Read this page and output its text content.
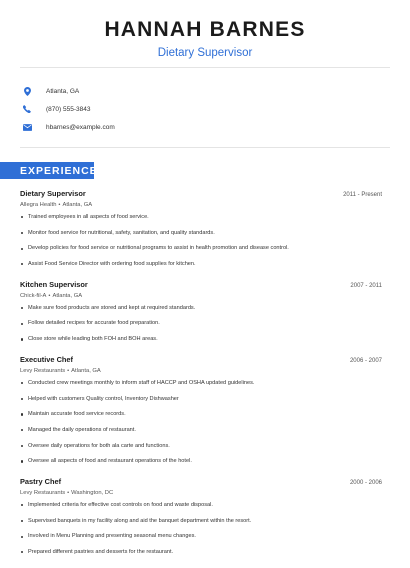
HANNAH BARNES
Dietary Supervisor
Atlanta, GA
(870) 555-3843
hbarnes@example.com
EXPERIENCE
Dietary Supervisor	2011 - Present
Allegra Health • Atlanta, GA
Trained employees in all aspects of food service.
Monitor food service for nutritional, safety, sanitation, and quality standards.
Develop policies for food service or nutritional programs to assist in health promotion and disease control.
Assist Food Service Director with ordering food supplies for kitchen.
Kitchen Supervisor	2007 - 2011
Chick-fil-A • Atlanta, GA
Make sure food products are stored and kept at required standards.
Follow detailed recipes for accurate food preparation.
Close store while leading both FOH and BOH areas.
Executive Chef	2006 - 2007
Levy Restaurants • Atlanta, GA
Conducted crew meetings monthly to inform staff of HACCP and OSHA updated guidelines.
Helped with customers Quality control, Inventory Dishwasher
Maintain accurate food service records.
Managed the daily operations of restaurant.
Oversee daily operations for both ala carte and functions.
Oversee all aspects of food and restaurant operations of the hotel.
Pastry Chef	2000 - 2006
Levy Restaurants • Washington, DC
Implemented criteria for effective cost controls on food and waste disposal.
Supervised banquets in my facility along and aid the banquet department within the resort.
Involved in Menu Planning and presenting seasonal menu changes.
Prepared different pastries and desserts for the restaurant.
